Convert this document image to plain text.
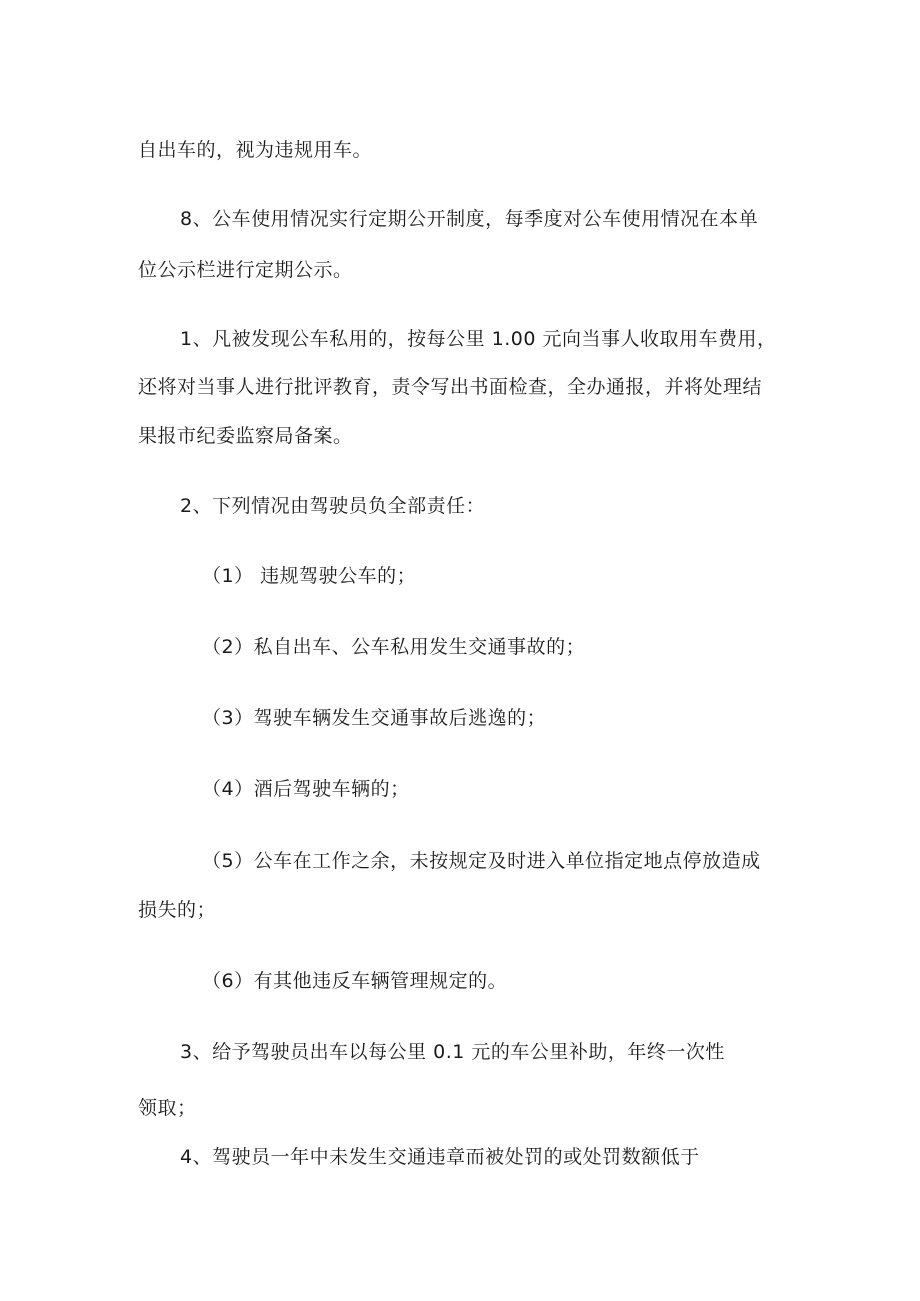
自出车的，视为违规用车。
8、公车使用情况实行定期公开制度，每季度对公车使用情况在本单
位公示栏进行定期公示。
1、凡被发现公车私用的，按每公里 1.00 元向当事人收取用车费用，
还将对当事人进行批评教育，责令写出书面检查，全办通报，并将处理结
果报市纪委监察局备案。
2、下列情况由驾驶员负全部责任：
（1） 违规驾驶公车的；
（2）私自出车、公车私用发生交通事故的；
（3）驾驶车辆发生交通事故后逃逸的；
（4）酒后驾驶车辆的；
（5）公车在工作之余，未按规定及时进入单位指定地点停放造成
损失的；
（6）有其他违反车辆管理规定的。
3、给予驾驶员出车以每公里 0.1 元的车公里补助，年终一次性
领取；
4、驾驶员一年中未发生交通违章而被处罚的或处罚数额低于
